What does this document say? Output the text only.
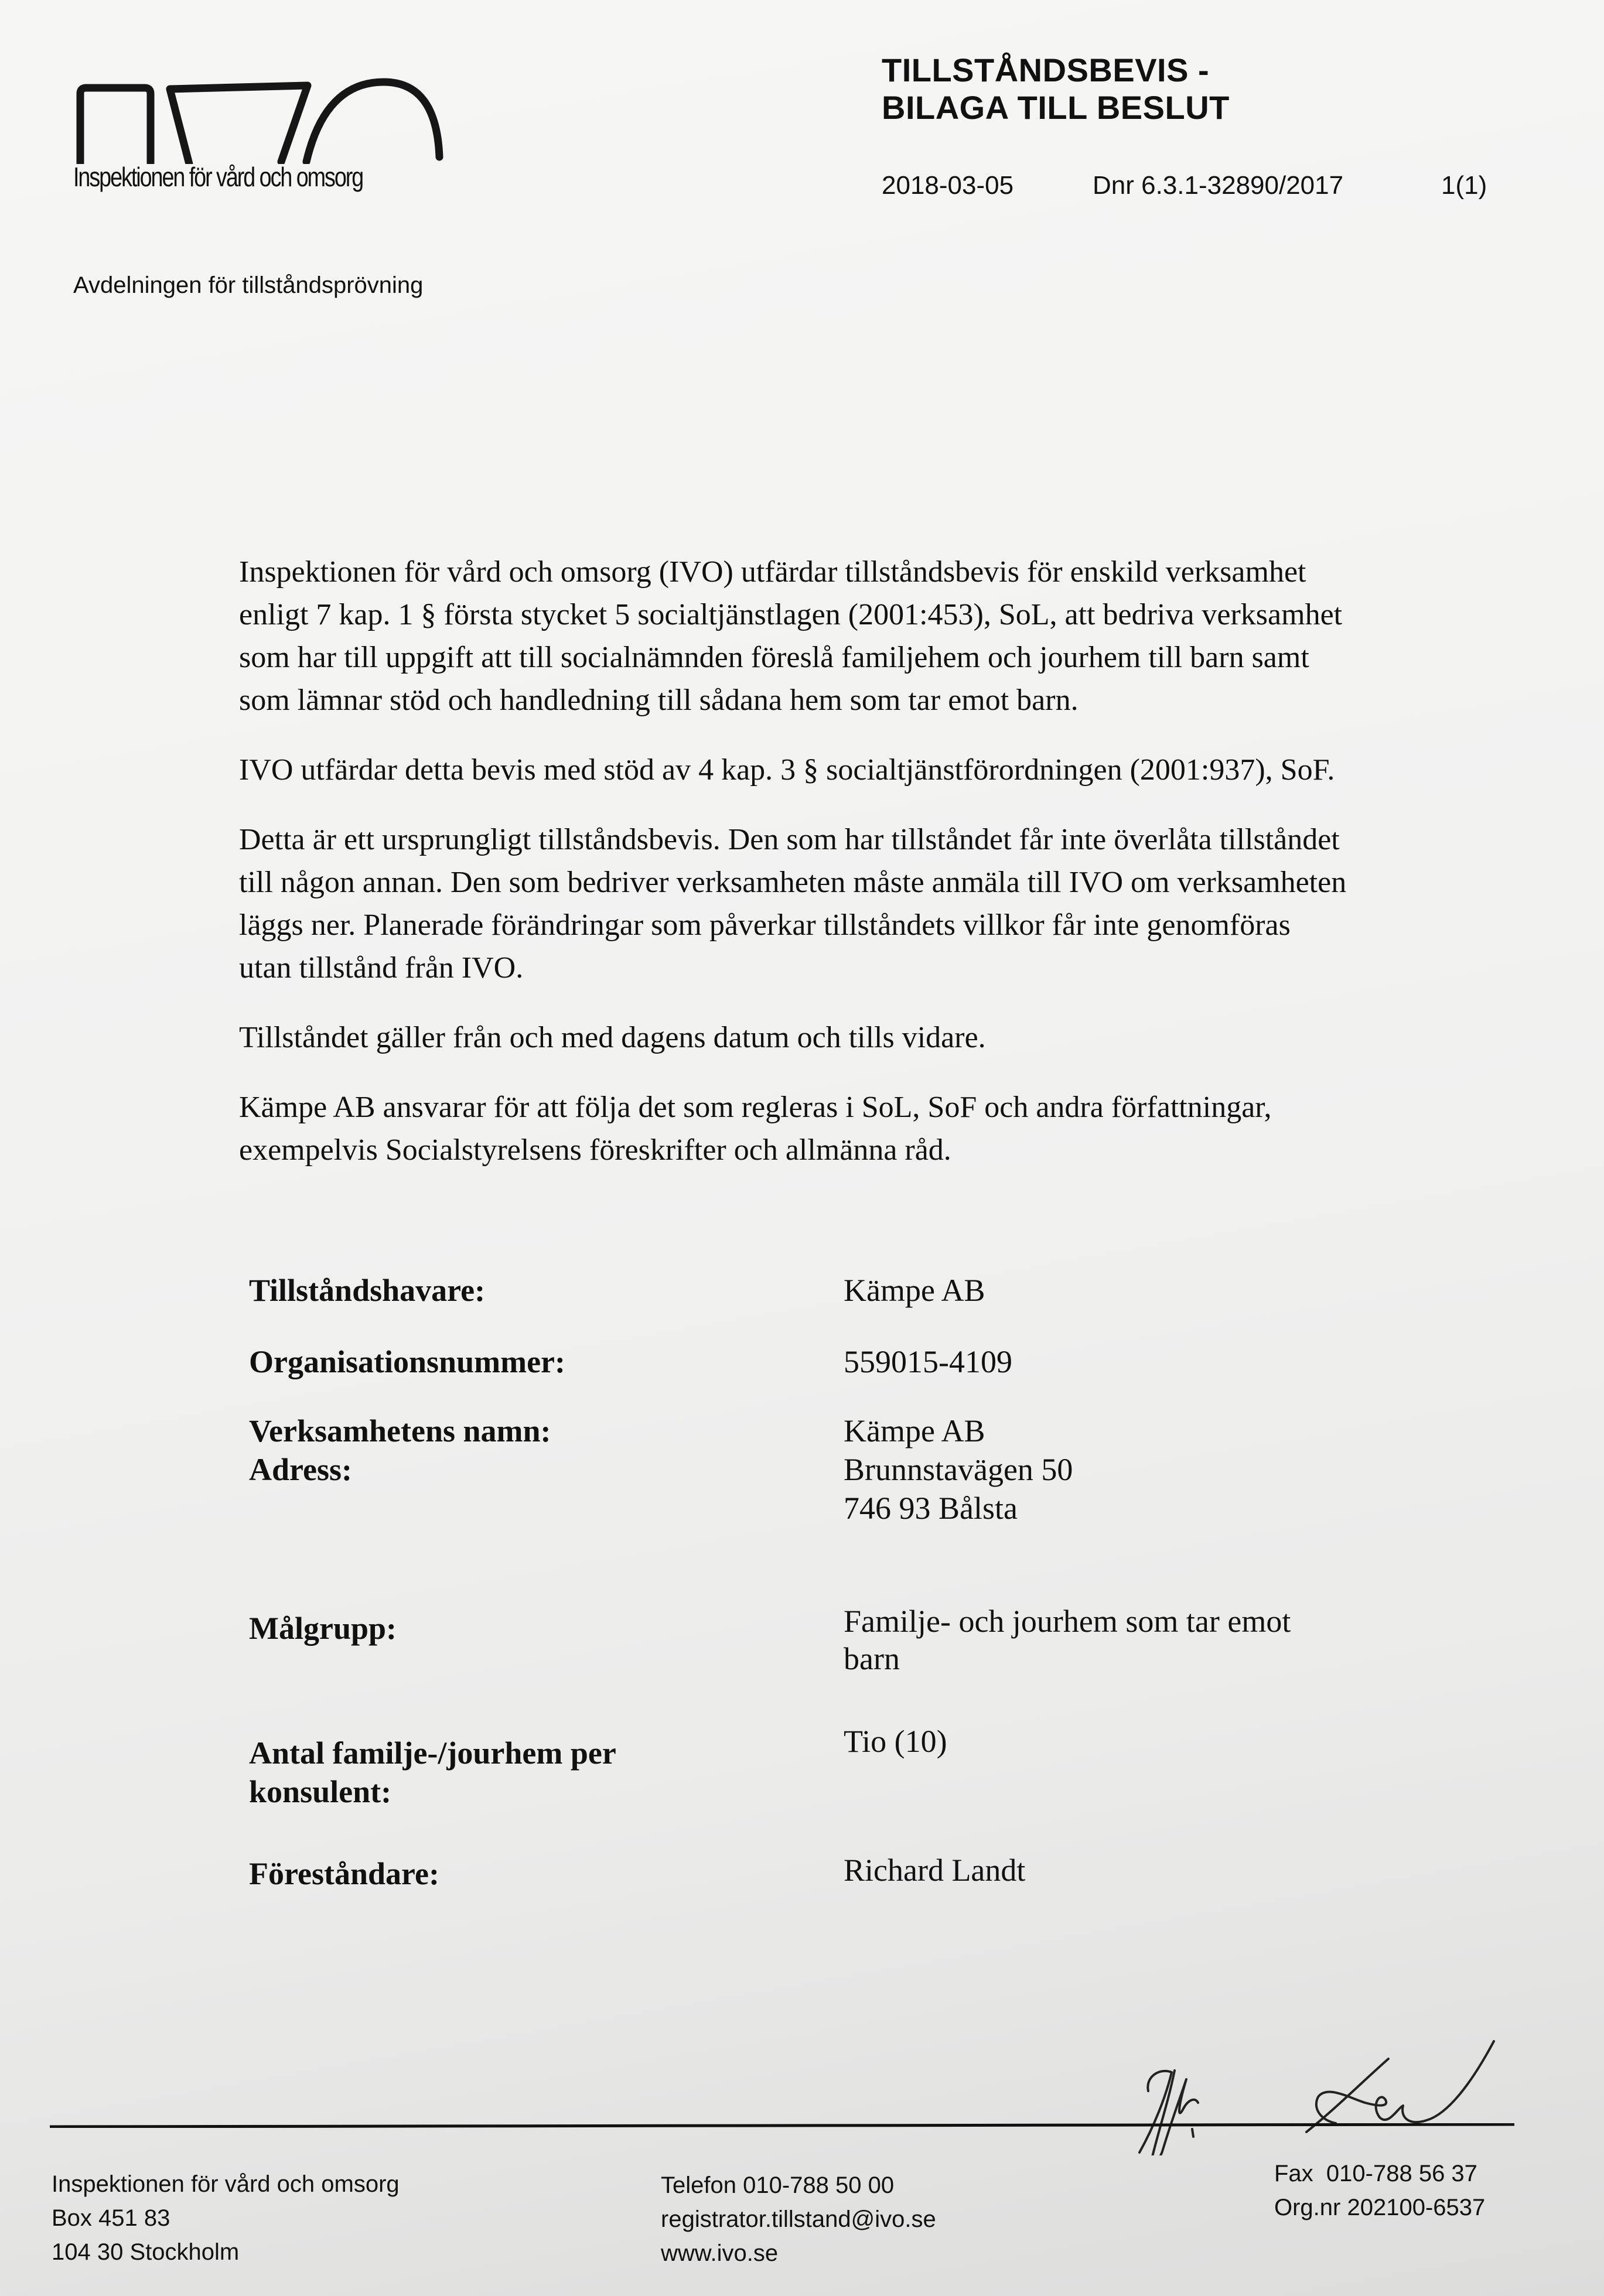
Inspektionen för vård och omsorg
TILLSTÅNDSBEVIS -
BILAGA TILL BESLUT
2018-03-05	Dnr 6.3.1-32890/2017	1(1)
Avdelningen för tillståndsprövning

Inspektionen för vård och omsorg (IVO) utfärdar tillståndsbevis för enskild verksamhet

enligt 7 kap. 1 § första stycket 5 socialtjänstlagen (2001:453), SoL, att bedriva verksamhet

som har till uppgift att till socialnämnden föreslå familjehem och jourhem till barn samt

som lämnar stöd och handledning till sådana hem som tar emot barn.

IVO utfärdar detta bevis med stöd av 4 kap. 3 § socialtjänstförordningen (2001:937), SoF.

Detta är ett ursprungligt tillståndsbevis. Den som har tillståndet får inte överlåta tillståndet

till någon annan. Den som bedriver verksamheten måste anmäla till IVO om verksamheten

läggs ner. Planerade förändringar som påverkar tillståndets villkor får inte genomföras

utan tillstånd från IVO.

Tillståndet gäller från och med dagens datum och tills vidare.

Kämpe AB ansvarar för att följa det som regleras i SoL, SoF och andra författningar,

exempelvis Socialstyrelsens föreskrifter och allmänna råd.

Tillståndshavare:	Kämpe AB
Organisationsnummer:	559015-4109
Verksamhetens namn:	Kämpe AB
Adress:	Brunnstavägen 50
746 93 Bålsta
Målgrupp:	Familje- och jourhem som tar emot
barn
Antal familje-/jourhem per
konsulent:
Tio (10)
Föreståndare:	Richard Landt
Inspektionen för vård och omsorg
Box 451 83
104 30 Stockholm
Telefon 010-788 50 00
registrator.tillstand@ivo.se
www.ivo.se
Fax  010-788 56 37
Org.nr 202100-6537
